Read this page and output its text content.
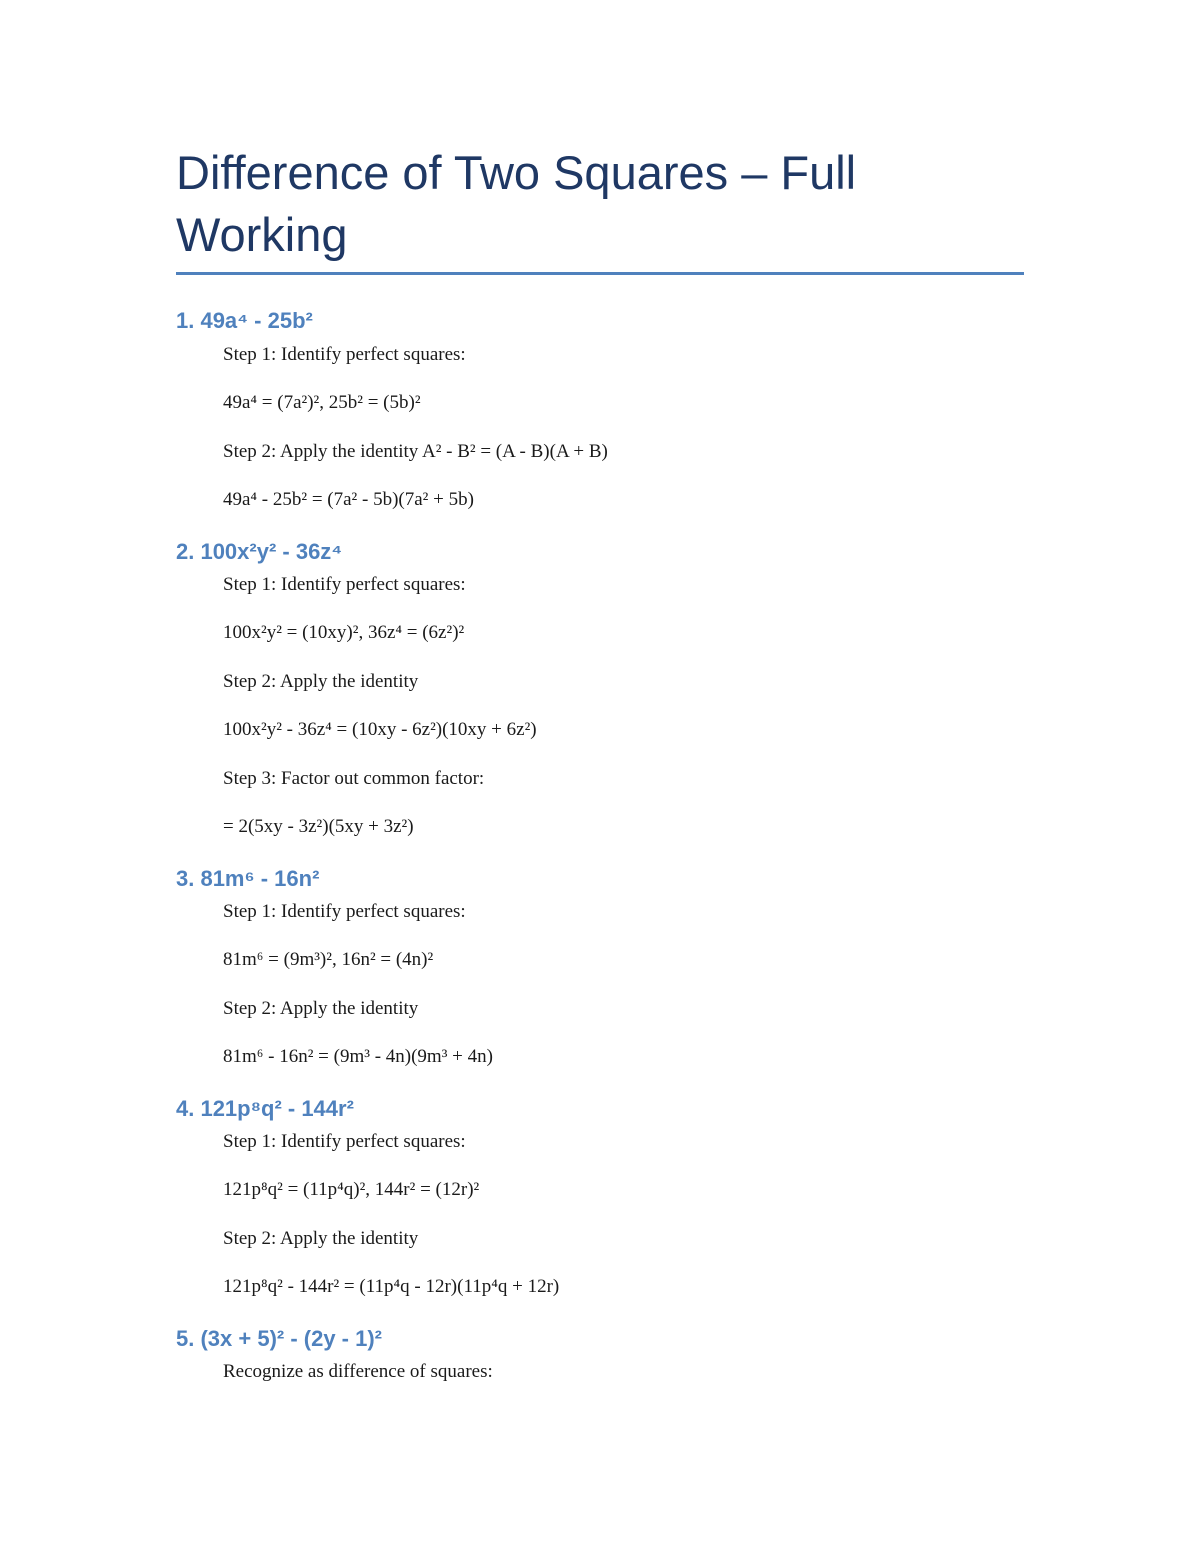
Difference of Two Squares – Full Working
1. 49a⁴ - 25b²

Step 1: Identify perfect squares:

49a⁴ = (7a²)², 25b² = (5b)²

Step 2: Apply the identity A² - B² = (A - B)(A + B)

49a⁴ - 25b² = (7a² - 5b)(7a² + 5b)

2. 100x²y² - 36z⁴

Step 1: Identify perfect squares:

100x²y² = (10xy)², 36z⁴ = (6z²)²

Step 2: Apply the identity

100x²y² - 36z⁴ = (10xy - 6z²)(10xy + 6z²)

Step 3: Factor out common factor:

= 2(5xy - 3z²)(5xy + 3z²)

3. 81m⁶ - 16n²

Step 1: Identify perfect squares:

81m⁶ = (9m³)², 16n² = (4n)²

Step 2: Apply the identity

81m⁶ - 16n² = (9m³ - 4n)(9m³ + 4n)

4. 121p⁸q² - 144r²

Step 1: Identify perfect squares:

121p⁸q² = (11p⁴q)², 144r² = (12r)²

Step 2: Apply the identity

121p⁸q² - 144r² = (11p⁴q - 12r)(11p⁴q + 12r)

5. (3x + 5)² - (2y - 1)²

Recognize as difference of squares:
